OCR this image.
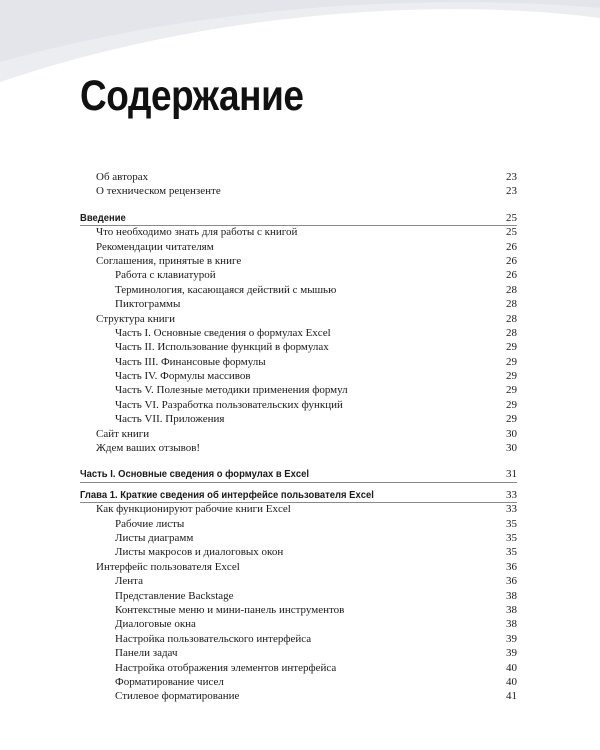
Содержание
Об авторах	23
О техническом рецензенте	23
Введение	25
Что необходимо знать для работы с книгой	25
Рекомендации читателям	26
Соглашения, принятые в книге	26
Работа с клавиатурой	26
Терминология, касающаяся действий с мышью	28
Пиктограммы	28
Структура книги	28
Часть I. Основные сведения о формулах Excel	28
Часть II. Использование функций в формулах	29
Часть III. Финансовые формулы	29
Часть IV. Формулы массивов	29
Часть V. Полезные методики применения формул	29
Часть VI. Разработка пользовательских функций	29
Часть VII. Приложения	29
Сайт книги	30
Ждем ваших отзывов!	30
Часть I. Основные сведения о формулах в Excel	31
Глава 1. Краткие сведения об интерфейсе пользователя Excel	33
Как функционируют рабочие книги Excel	33
Рабочие листы	35
Листы диаграмм	35
Листы макросов и диалоговых окон	35
Интерфейс пользователя Excel	36
Лента	36
Представление Backstage	38
Контекстные меню и мини-панель инструментов	38
Диалоговые окна	38
Настройка пользовательского интерфейса	39
Панели задач	39
Настройка отображения элементов интерфейса	40
Форматирование чисел	40
Стилевое форматирование	41
